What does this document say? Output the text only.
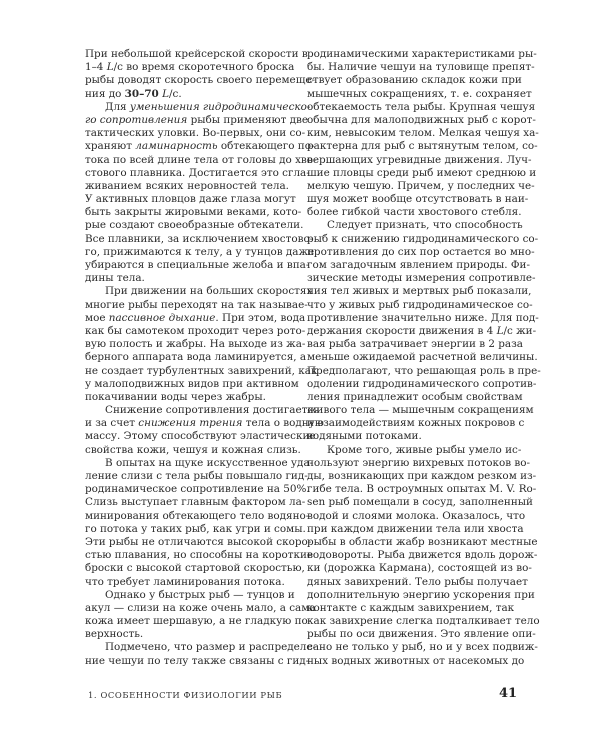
При небольшой крейсерской скорости в
1–4 L/с во время скоротечного броска
рыбы доводят скорость своего перемеще-
ния до 30–70 L/с.
Для уменьшения гидродинамическо-
го сопротивления рыбы применяют две
тактических уловки. Во-первых, они со-
храняют ламинарность обтекающего по-
тока по всей длине тела от головы до хво-
стового плавника. Достигается это сгла-
живанием всяких неровностей тела.
У активных пловцов даже глаза могут
быть закрыты жировыми веками, кото-
рые создают своеобразные обтекатели.
Все плавники, за исключением хвостово-
го, прижимаются к телу, а у тунцов даже
убираются в специальные желоба и впа-
дины тела.
При движении на больших скоростях
многие рыбы переходят на так называе-
мое пассивное дыхание. При этом, вода
как бы самотеком проходит через рото-
вую полость и жабры. На выходе из жа-
берного аппарата вода ламинируется, а
не создает турбулентных завихрений, как
у малоподвижных видов при активном
покачивании воды через жабры.
Снижение сопротивления достигается
и за счет снижения трения тела о водную
массу. Этому способствуют эластические
свойства кожи, чешуя и кожная слизь.
В опытах на щуке искусственное уда-
ление слизи с тела рыбы повышало гид-
родинамическое сопротивление на 50%.
Слизь выступает главным фактором ла-
минирования обтекающего тело водяно-
го потока у таких рыб, как угри и сомы.
Эти рыбы не отличаются высокой скоро-
стью плавания, но способны на короткие
броски с высокой стартовой скоростью,
что требует ламинирования потока.
Однако у быстрых рыб — тунцов и
акул — слизи на коже очень мало, а сама
кожа имеет шершавую, а не гладкую по-
верхность.
Подмечено, что размер и распределе-
ние чешуи по телу также связаны с гид-
родинамическими характеристиками ры-
бы. Наличие чешуи на туловище препят-
ствует образованию складок кожи при
мышечных сокращениях, т. е. сохраняет
обтекаемость тела рыбы. Крупная чешуя
обычна для малоподвижных рыб с корот-
ким, невысоким телом. Мелкая чешуя ха-
рактерна для рыб с вытянутым телом, со-
вершающих угревидные движения. Луч-
шие пловцы среди рыб имеют среднюю и
мелкую чешую. Причем, у последних че-
шуя может вообще отсутствовать в наи-
более гибкой части хвостового стебля.
Следует признать, что способность
рыб к снижению гидродинамического со-
противления до сих пор остается во мно-
гом загадочным явлением природы. Фи-
зические методы измерения сопротивле-
ния тел живых и мертвых рыб показали,
что у живых рыб гидродинамическое со-
противление значительно ниже. Для под-
держания скорости движения в 4 L/с жи-
вая рыба затрачивает энергии в 2 раза
меньше ожидаемой расчетной величины.
Предполагают, что решающая роль в пре-
одолении гидродинамического сопротив-
ления принадлежит особым свойствам
живого тела — мышечным сокращениям
и взаимодействиям кожных покровов с
водяными потоками.
Кроме того, живые рыбы умело ис-
пользуют энергию вихревых потоков во-
ды, возникающих при каждом резком из-
гибе тела. В остроумных опытах M. V. Ro-
sen рыб помещали в сосуд, заполненный
водой и слоями молока. Оказалось, что
при каждом движении тела или хвоста
рыбы в области жабр возникают местные
водовороты. Рыба движется вдоль дорож-
ки (дорожка Кармана), состоящей из во-
дяных завихрений. Тело рыбы получает
дополнительную энергию ускорения при
контакте с каждым завихрением, так
как завихрение слегка подталкивает тело
рыбы по оси движения. Это явление опи-
сано не только у рыб, но и у всех подвиж-
ных водных животных от насекомых до
1. ОСОБЕННОСТИ ФИЗИОЛОГИИ РЫБ	41
